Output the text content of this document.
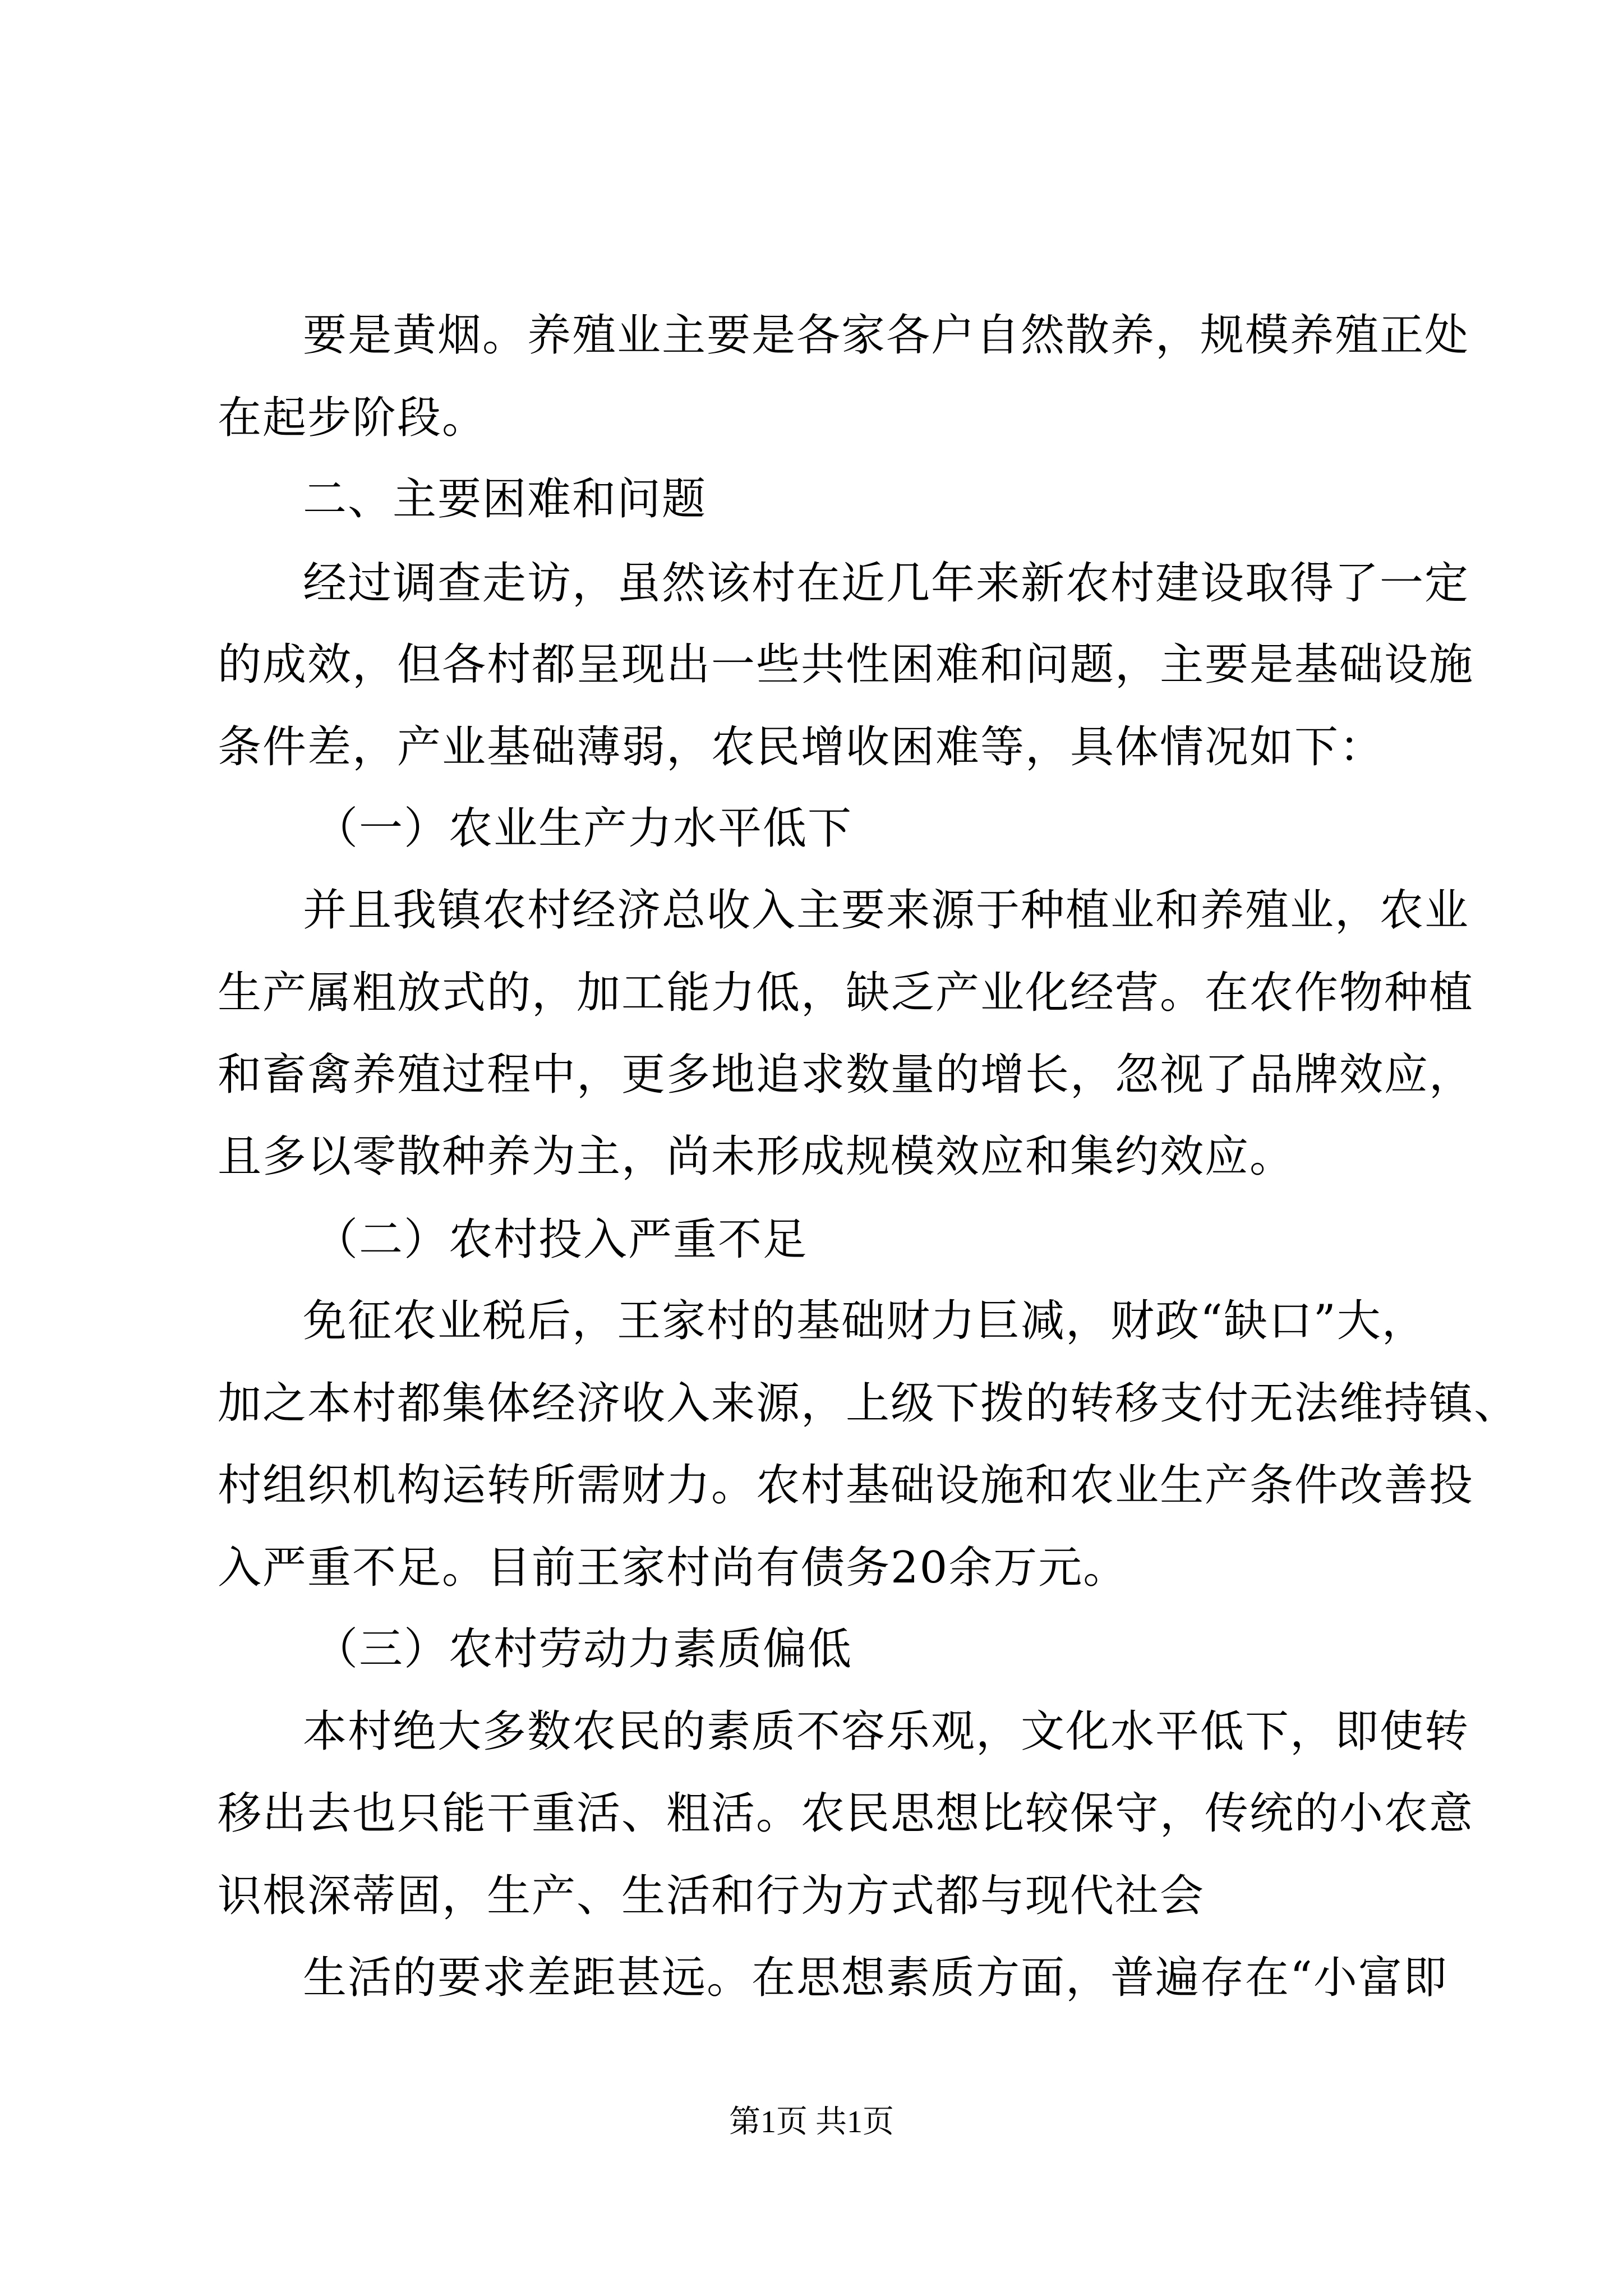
要是黄烟。养殖业主要是各家各户自然散养，规模养殖正处
在起步阶段。
二、主要困难和问题
经过调查走访，虽然该村在近几年来新农村建设取得了一定
的成效，但各村都呈现出一些共性困难和问题，主要是基础设施
条件差，产业基础薄弱，农民增收困难等，具体情况如下：
（一）农业生产力水平低下
并且我镇农村经济总收入主要来源于种植业和养殖业，农业
生产属粗放式的，加工能力低，缺乏产业化经营。在农作物种植
和畜禽养殖过程中，更多地追求数量的增长，忽视了品牌效应，
且多以零散种养为主，尚未形成规模效应和集约效应。
（二）农村投入严重不足
免征农业税后，王家村的基础财力巨减，财政“缺口”大，
加之本村都集体经济收入来源，上级下拨的转移支付无法维持镇、
村组织机构运转所需财力。农村基础设施和农业生产条件改善投
入严重不足。目前王家村尚有债务20余万元。
（三）农村劳动力素质偏低
本村绝大多数农民的素质不容乐观，文化水平低下，即使转
移出去也只能干重活、粗活。农民思想比较保守，传统的小农意
识根深蒂固，生产、生活和行为方式都与现代社会
生活的要求差距甚远。在思想素质方面，普遍存在“小富即
第1页 共1页
